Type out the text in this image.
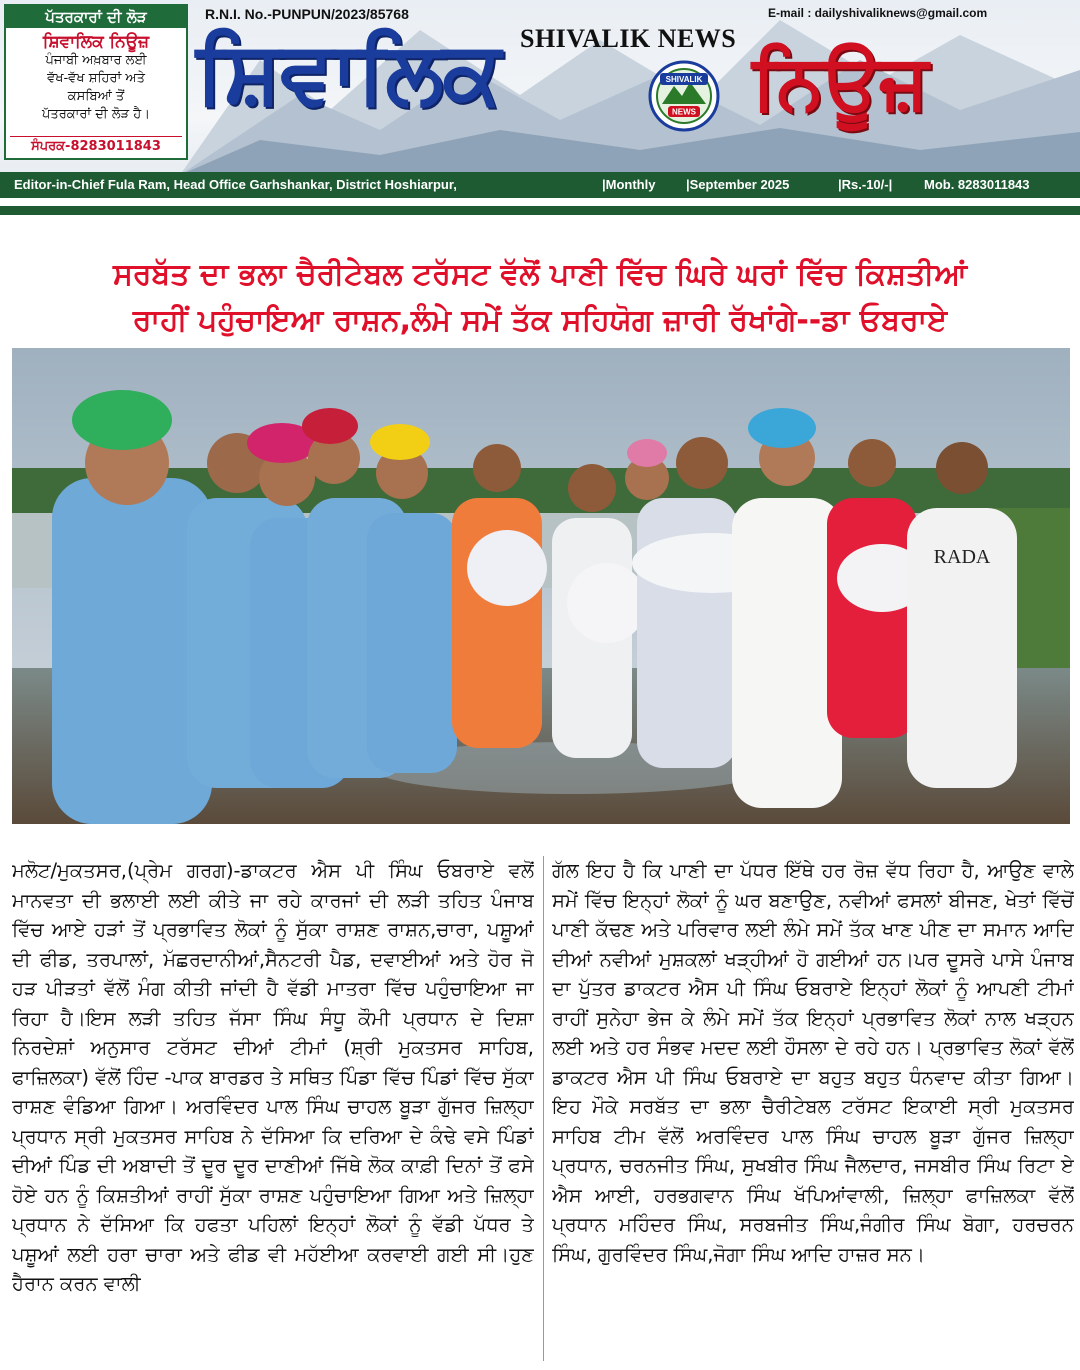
ਪੱਤਰਕਾਰਾਂ ਦੀ ਲੋੜ
ਸ਼ਿਵਾਲਿਕ ਨਿਊਜ਼
ਪੰਜਾਬੀ ਅਖ਼ਬਾਰ ਲਈ
ਵੱਖ-ਵੱਖ ਸ਼ਹਿਰਾਂ ਅਤੇ
ਕਸਬਿਆਂ ਤੋਂ
ਪੱਤਰਕਾਰਾਂ ਦੀ ਲੋੜ ਹੈ।
ਸੰਪਰਕ-8283011843
R.N.I. No.-PUNPUN/2023/85768	E-mail : dailyshivaliknews@gmail.com
SHIVALIK NEWS
ਸ਼ਿਵਾਲਿਕ	ਨਿਊਜ਼
SHIVALIK
NEWS
Editor-in-Chief Fula Ram, Head Office Garhshankar, District Hoshiarpur,	|Monthly |September 2025	|Rs.-10/-| Mob. 8283011843
ਸਰਬੱਤ ਦਾ ਭਲਾ ਚੈਰੀਟੇਬਲ ਟਰੱਸਟ ਵੱਲੋਂ ਪਾਣੀ ਵਿੱਚ ਘਿਰੇ ਘਰਾਂ ਵਿੱਚ ਕਿਸ਼ਤੀਆਂ
ਰਾਹੀਂ ਪਹੁੰਚਾਇਆ ਰਾਸ਼ਨ,ਲੰਮੇ ਸਮੇਂ ਤੱਕ ਸਹਿਯੋਗ ਜ਼ਾਰੀ ਰੱਖਾਂਗੇ--ਡਾ ਓਬਰਾਏ
RADA
ਮਲੋਟ/ਮੁਕਤਸਰ,(ਪ੍ਰੇਮ ਗਰਗ)-ਡਾਕਟਰ ਐਸ ਪੀ ਸਿੰਘ ਓਬਰਾਏ ਵਲੋਂ ਮਾਨਵਤਾ ਦੀ ਭਲਾਈ ਲਈ ਕੀਤੇ ਜਾ ਰਹੇ ਕਾਰਜਾਂ ਦੀ ਲੜੀ ਤਹਿਤ ਪੰਜਾਬ ਵਿੱਚ ਆਏ ਹੜਾਂ ਤੋਂ ਪ੍ਰਭਾਵਿਤ ਲੋਕਾਂ ਨੂੰ ਸੁੱਕਾ ਰਾਸ਼ਣ ਰਾਸ਼ਨ,ਚਾਰਾ, ਪਸ਼ੂਆਂ ਦੀ ਫੀਡ, ਤਰਪਾਲਾਂ, ਮੱਛਰਦਾਨੀਆਂ,ਸੈਨਟਰੀ ਪੈਡ, ਦਵਾਈਆਂ ਅਤੇ ਹੋਰ ਜੋ ਹੜ ਪੀੜਤਾਂ ਵੱਲੋਂ ਮੰਗ ਕੀਤੀ ਜਾਂਦੀ ਹੈ ਵੱਡੀ ਮਾਤਰਾ ਵਿੱਚ ਪਹੁੰਚਾਇਆ ਜਾ ਰਿਹਾ ਹੈ।ਇਸ ਲੜੀ ਤਹਿਤ ਜੱਸਾ ਸਿੰਘ ਸੰਧੂ ਕੌਮੀ ਪ੍ਰਧਾਨ ਦੇ ਦਿਸ਼ਾ ਨਿਰਦੇਸ਼ਾਂ ਅਨੁਸਾਰ ਟਰੱਸਟ ਦੀਆਂ ਟੀਮਾਂ (ਸ਼੍ਰੀ ਮੁਕਤਸਰ ਸਾਹਿਬ, ਫਾਜ਼ਿਲਕਾ) ਵੱਲੋਂ ਹਿੰਦ -ਪਾਕ ਬਾਰਡਰ ਤੇ ਸਥਿਤ ਪਿੰਡਾ ਵਿੱਚ ਪਿੰਡਾਂ ਵਿੱਚ ਸੁੱਕਾ ਰਾਸ਼ਣ ਵੰਡਿਆ ਗਿਆ। ਅਰਵਿੰਦਰ ਪਾਲ ਸਿੰਘ ਚਾਹਲ ਬੂੜਾ ਗੁੱਜਰ ਜ਼ਿਲ੍ਹਾ ਪ੍ਰਧਾਨ ਸ੍ਰੀ ਮੁਕਤਸਰ ਸਾਹਿਬ ਨੇ ਦੱਸਿਆ ਕਿ ਦਰਿਆ ਦੇ ਕੰਢੇ ਵਸੇ ਪਿੰਡਾਂ ਦੀਆਂ ਪਿੰਡ ਦੀ ਅਬਾਦੀ ਤੋਂ ਦੂਰ ਦੂਰ ਦਾਣੀਆਂ ਜਿੱਥੇ ਲੋਕ ਕਾਫ਼ੀ ਦਿਨਾਂ ਤੋਂ ਫਸੇ ਹੋਏ ਹਨ ਨੂੰ ਕਿਸ਼ਤੀਆਂ ਰਾਹੀਂ ਸੁੱਕਾ ਰਾਸ਼ਣ ਪਹੁੰਚਾਇਆ ਗਿਆ ਅਤੇ ਜ਼ਿਲ੍ਹਾ ਪ੍ਰਧਾਨ ਨੇ ਦੱਸਿਆ ਕਿ ਹਫਤਾ ਪਹਿਲਾਂ ਇਨ੍ਹਾਂ ਲੋਕਾਂ ਨੂੰ ਵੱਡੀ ਪੱਧਰ ਤੇ ਪਸ਼ੂਆਂ ਲਈ ਹਰਾ ਚਾਰਾ ਅਤੇ ਫੀਡ ਵੀ ਮਹੱਈਆ ਕਰਵਾਈ ਗਈ ਸੀ।ਹੁਣ ਹੈਰਾਨ ਕਰਨ ਵਾਲੀ
ਗੱਲ ਇਹ ਹੈ ਕਿ ਪਾਣੀ ਦਾ ਪੱਧਰ ਇੱਥੇ ਹਰ ਰੋਜ਼ ਵੱਧ ਰਿਹਾ ਹੈ, ਆਉਣ ਵਾਲੇ ਸਮੇਂ ਵਿੱਚ ਇਨ੍ਹਾਂ ਲੋਕਾਂ ਨੂੰ ਘਰ ਬਣਾਉਣ, ਨਵੀਆਂ ਫਸਲਾਂ ਬੀਜਣ, ਖੇਤਾਂ ਵਿੱਚੋਂ ਪਾਣੀ ਕੱਢਣ ਅਤੇ ਪਰਿਵਾਰ ਲਈ ਲੰਮੇ ਸਮੇਂ ਤੱਕ ਖਾਣ ਪੀਣ ਦਾ ਸਮਾਨ ਆਦਿ ਦੀਆਂ ਨਵੀਆਂ ਮੁਸ਼ਕਲਾਂ ਖੜ੍ਹੀਆਂ ਹੋ ਗਈਆਂ ਹਨ।ਪਰ ਦੂਸਰੇ ਪਾਸੇ ਪੰਜਾਬ ਦਾ ਪੁੱਤਰ ਡਾਕਟਰ ਐਸ ਪੀ ਸਿੰਘ ਓਬਰਾਏ ਇਨ੍ਹਾਂ ਲੋਕਾਂ ਨੂੰ ਆਪਣੀ ਟੀਮਾਂ ਰਾਹੀਂ ਸੁਨੇਹਾ ਭੇਜ ਕੇ ਲੰਮੇ ਸਮੇਂ ਤੱਕ ਇਨ੍ਹਾਂ ਪ੍ਰਭਾਵਿਤ ਲੋਕਾਂ ਨਾਲ ਖੜ੍ਹਨ ਲਈ ਅਤੇ ਹਰ ਸੰਭਵ ਮਦਦ ਲਈ ਹੌਸਲਾ ਦੇ ਰਹੇ ਹਨ। ਪ੍ਰਭਾਵਿਤ ਲੋਕਾਂ ਵੱਲੋਂ ਡਾਕਟਰ ਐਸ ਪੀ ਸਿੰਘ ਓਬਰਾਏ ਦਾ ਬਹੁਤ ਬਹੁਤ ਧੰਨਵਾਦ ਕੀਤਾ ਗਿਆ।ਇਹ ਮੌਕੇ ਸਰਬੱਤ ਦਾ ਭਲਾ ਚੈਰੀਟੇਬਲ ਟਰੱਸਟ ਇਕਾਈ ਸ੍ਰੀ ਮੁਕਤਸਰ ਸਾਹਿਬ ਟੀਮ ਵੱਲੋਂ ਅਰਵਿੰਦਰ ਪਾਲ ਸਿੰਘ ਚਾਹਲ ਬੂੜਾ ਗੁੱਜਰ ਜ਼ਿਲ੍ਹਾ ਪ੍ਰਧਾਨ, ਚਰਨਜੀਤ ਸਿੰਘ, ਸੁਖਬੀਰ ਸਿੰਘ ਜੈਲਦਾਰ, ਜਸਬੀਰ ਸਿੰਘ ਰਿਟਾ ਏ ਐਸ ਆਈ, ਹਰਭਗਵਾਨ ਸਿੰਘ ਖੱਪਿਆਂਵਾਲੀ, ਜ਼ਿਲ੍ਹਾ ਫਾਜ਼ਿਲਕਾ ਵੱਲੋਂ ਪ੍ਰਧਾਨ ਮਹਿੰਦਰ ਸਿੰਘ, ਸਰਬਜੀਤ ਸਿੰਘ,ਜੰਗੀਰ ਸਿੰਘ ਬੋਗਾ, ਹਰਚਰਨ ਸਿੰਘ, ਗੁਰਵਿੰਦਰ ਸਿੰਘ,ਜੋਗਾ ਸਿੰਘ ਆਦਿ ਹਾਜ਼ਰ ਸਨ।
